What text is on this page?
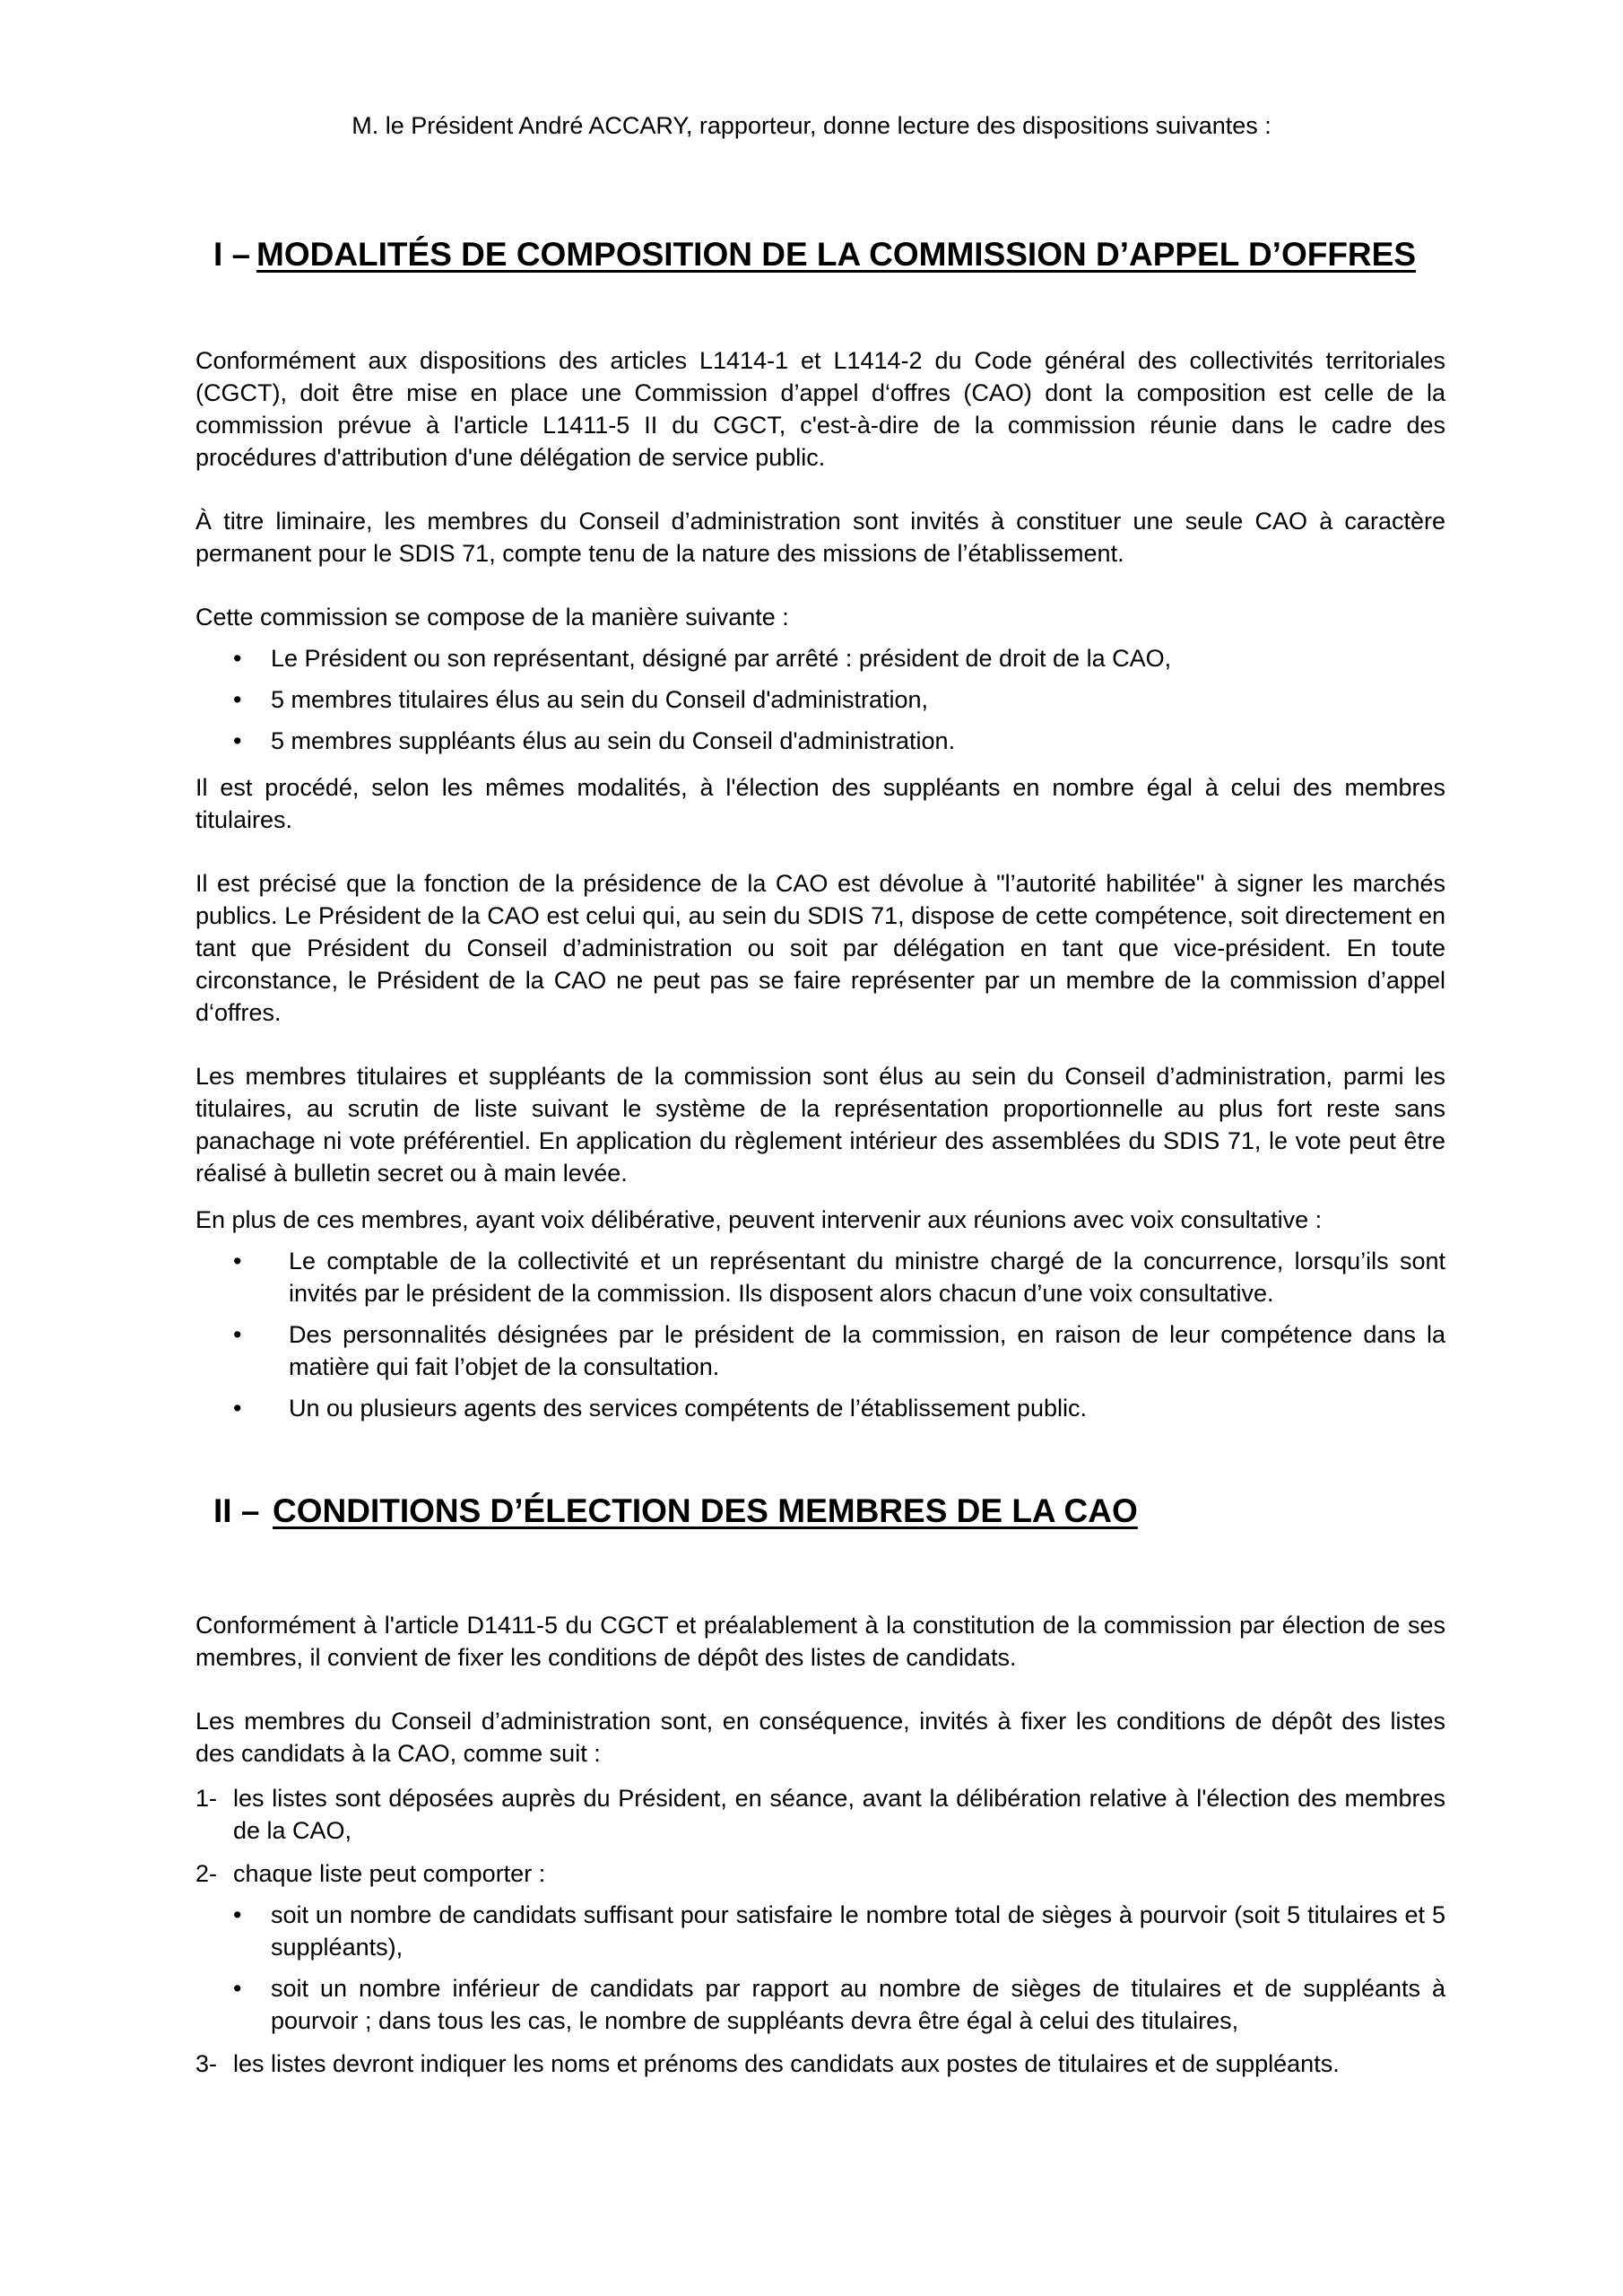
M. le Président André ACCARY, rapporteur, donne lecture des dispositions suivantes :
I – MODALITÉS DE COMPOSITION DE LA COMMISSION D’APPEL D’OFFRES

Conformément aux dispositions des articles L1414-1 et L1414-2 du Code général des collectivités territoriales (CGCT), doit être mise en place une Commission d’appel d‘offres (CAO) dont la composition est celle de la commission prévue à l'article L1411-5 II du CGCT, c'est-à-dire de la commission réunie dans le cadre des procédures d'attribution d'une délégation de service public.

À titre liminaire, les membres du Conseil d’administration sont invités à constituer une seule CAO à caractère permanent pour le SDIS 71, compte tenu de la nature des missions de l’établissement.

Cette commission se compose de la manière suivante :

• Le Président ou son représentant, désigné par arrêté : président de droit de la CAO,
• 5 membres titulaires élus au sein du Conseil d'administration,
• 5 membres suppléants élus au sein du Conseil d'administration.

Il est procédé, selon les mêmes modalités, à l'élection des suppléants en nombre égal à celui des membres titulaires.

Il est précisé que la fonction de la présidence de la CAO est dévolue à "l’autorité habilitée" à signer les marchés publics. Le Président de la CAO est celui qui, au sein du SDIS 71, dispose de cette compétence, soit directement en tant que Président du Conseil d’administration ou soit par délégation en tant que vice-président. En toute circonstance, le Président de la CAO ne peut pas se faire représenter par un membre de la commission d’appel d‘offres.

Les membres titulaires et suppléants de la commission sont élus au sein du Conseil d’administration, parmi les titulaires, au scrutin de liste suivant le système de la représentation proportionnelle au plus fort reste sans panachage ni vote préférentiel. En application du règlement intérieur des assemblées du SDIS 71, le vote peut être réalisé à bulletin secret ou à main levée.

En plus de ces membres, ayant voix délibérative, peuvent intervenir aux réunions avec voix consultative :

• Le comptable de la collectivité et un représentant du ministre chargé de la concurrence, lorsqu’ils sont invités par le président de la commission. Ils disposent alors chacun d’une voix consultative.
• Des personnalités désignées par le président de la commission, en raison de leur compétence dans la matière qui fait l’objet de la consultation.
• Un ou plusieurs agents des services compétents de l’établissement public.
II – CONDITIONS D’ÉLECTION DES MEMBRES DE LA CAO

Conformément à l'article D1411-5 du CGCT et préalablement à la constitution de la commission par élection de ses membres, il convient de fixer les conditions de dépôt des listes de candidats.

Les membres du Conseil d’administration sont, en conséquence, invités à fixer les conditions de dépôt des listes des candidats à la CAO, comme suit :

1- les listes sont déposées auprès du Président, en séance, avant la délibération relative à l'élection des membres de la CAO,
2- chaque liste peut comporter :
• soit un nombre de candidats suffisant pour satisfaire le nombre total de sièges à pourvoir (soit 5 titulaires et 5 suppléants),
• soit un nombre inférieur de candidats par rapport au nombre de sièges de titulaires et de suppléants à pourvoir ; dans tous les cas, le nombre de suppléants devra être égal à celui des titulaires,
3- les listes devront indiquer les noms et prénoms des candidats aux postes de titulaires et de suppléants.
